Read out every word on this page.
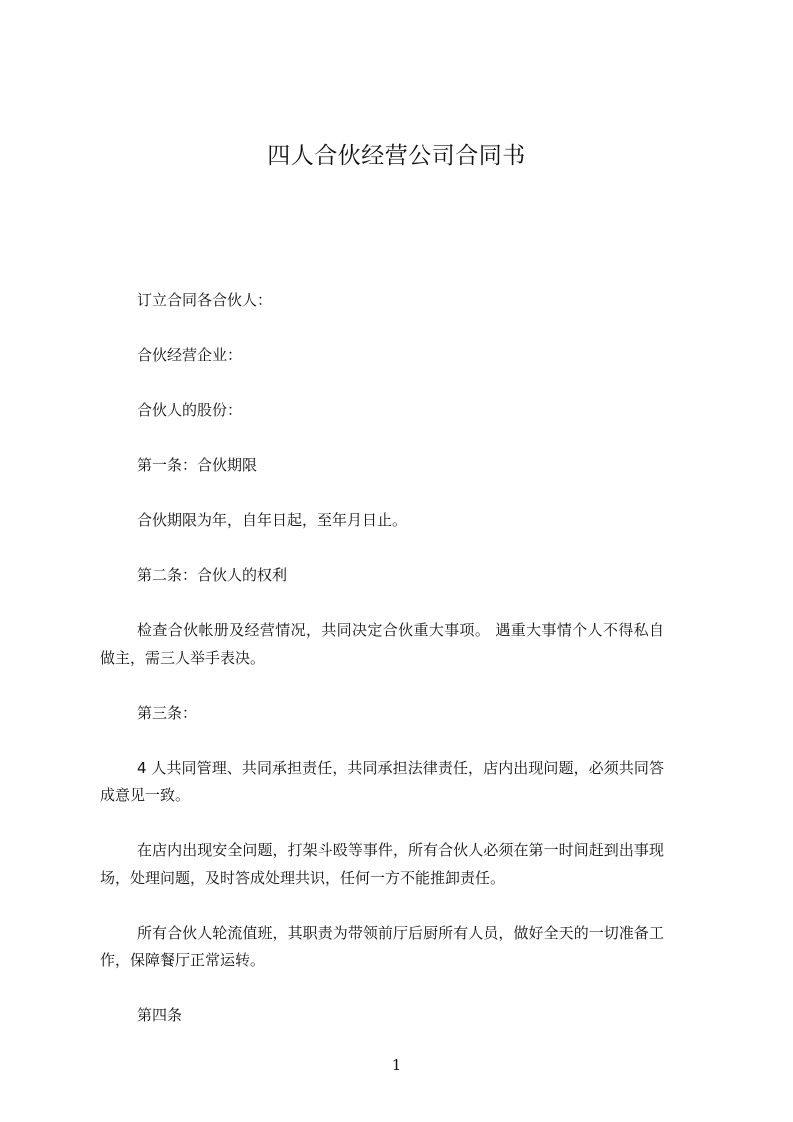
四人合伙经营公司合同书

订立合同各合伙人：

合伙经营企业：

合伙人的股份：

第一条：合伙期限

合伙期限为年，自年日起，至年月日止。

第二条：合伙人的权利

检查合伙帐册及经营情况，共同决定合伙重大事项。 遇重大事情个人不得私自做主，需三人举手表决。

第三条：

4 人共同管理、共同承担责任，共同承担法律责任，店内出现问题，必须共同答成意见一致。

在店内出现安全问题，打架斗殴等事件，所有合伙人必须在第一时间赶到出事现场，处理问题，及时答成处理共识，任何一方不能推卸责任。

所有合伙人轮流值班，其职责为带领前厅后厨所有人员，做好全天的一切准备工作，保障餐厅正常运转。

第四条

1
